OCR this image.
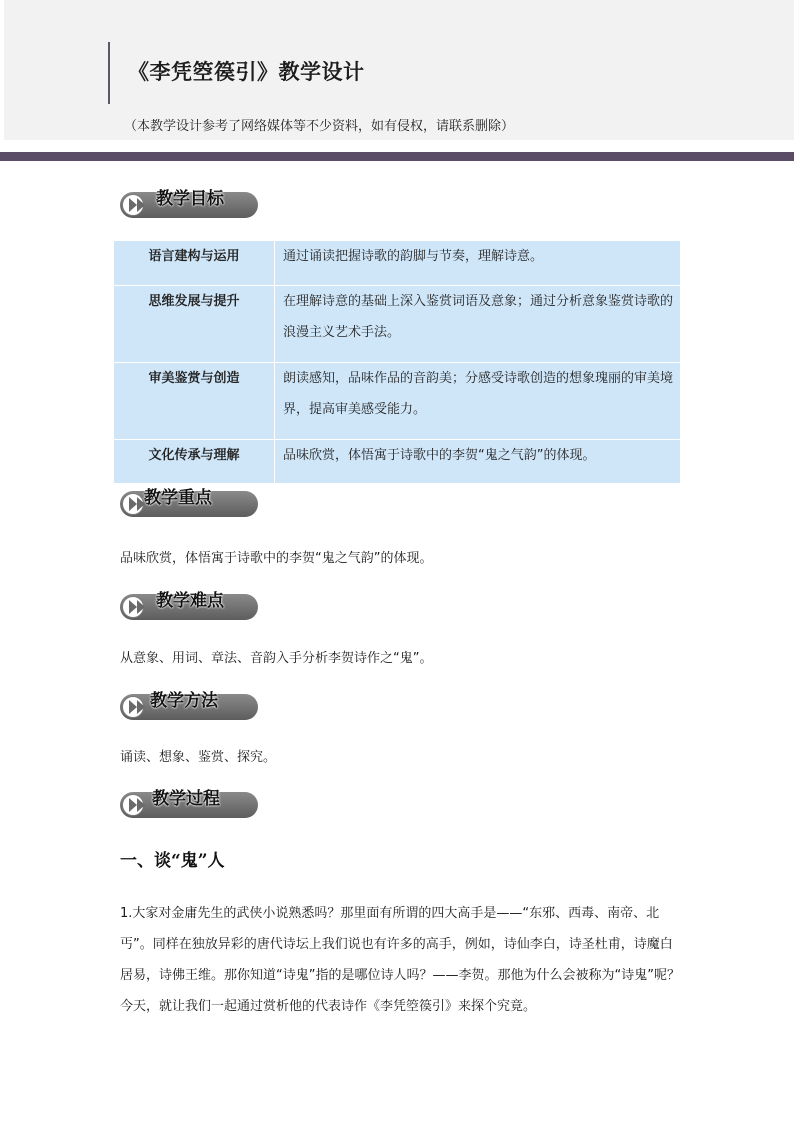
《李凭箜篌引》教学设计
（本教学设计参考了网络媒体等不少资料，如有侵权，请联系删除）
教学目标
语言建构与运用	通过诵读把握诗歌的韵脚与节奏，理解诗意。
思维发展与提升	在理解诗意的基础上深入鉴赏词语及意象；通过分析意象鉴赏诗歌的浪漫主义艺术手法。
审美鉴赏与创造	朗读感知，品味作品的音韵美；分感受诗歌创造的想象瑰丽的审美境界，提高审美感受能力。
文化传承与理解	品味欣赏，体悟寓于诗歌中的李贺“鬼之气韵”的体现。
教学重点
品味欣赏，体悟寓于诗歌中的李贺“鬼之气韵”的体现。
教学难点
从意象、用词、章法、音韵入手分析李贺诗作之“鬼”。
教学方法
诵读、想象、鉴赏、探究。
教学过程
一、谈“鬼”人

1.大家对金庸先生的武侠小说熟悉吗？那里面有所谓的四大高手是——“东邪、西毒、南帝、北丐”。同样在独放异彩的唐代诗坛上我们说也有许多的高手，例如，诗仙李白，诗圣杜甫，诗魔白居易，诗佛王维。那你知道“诗鬼”指的是哪位诗人吗？——李贺。那他为什么会被称为“诗鬼”呢？今天，就让我们一起通过赏析他的代表诗作《李凭箜篌引》来探个究竟。
